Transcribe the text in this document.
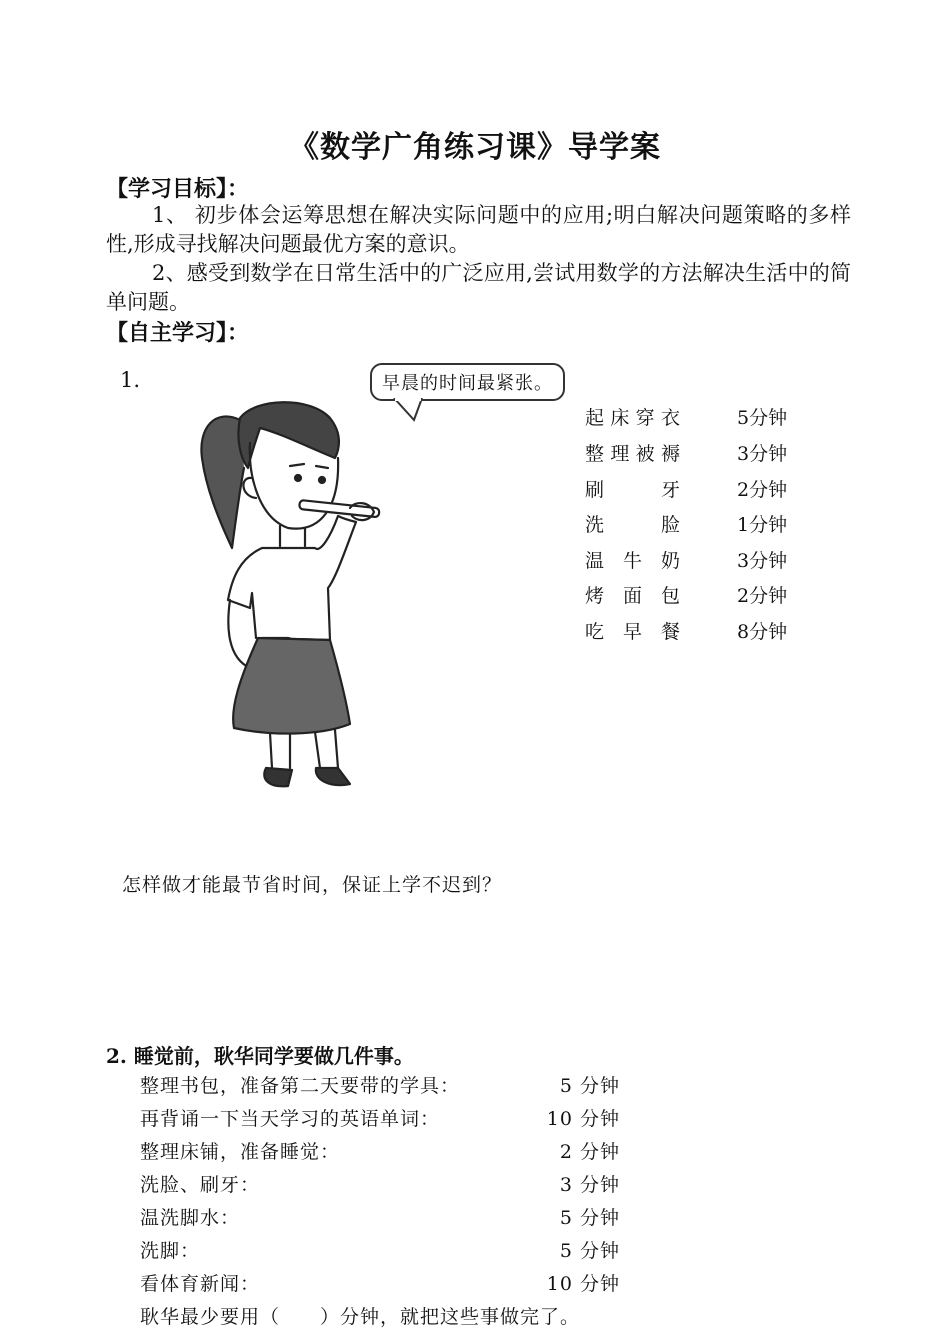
《数学广角练习课》导学案
【学习目标】：
1、 初步体会运筹思想在解决实际问题中的应用;明白解决问题策略的多样性,形成寻找解决问题最优方案的意识。
2、感受到数学在日常生活中的广泛应用,尝试用数学的方法解决生活中的简单问题。
【自主学习】：
1.	早晨的时间最紧张。
起床穿衣	5分钟
整理被褥	3分钟
刷牙	2分钟
洗脸	1分钟
温牛奶	3分钟
烤面包	2分钟
吃早餐	8分钟
怎样做才能最节省时间，保证上学不迟到？
2. 睡觉前，耿华同学要做几件事。
整理书包，准备第二天要带的学具：	5 分钟
再背诵一下当天学习的英语单词：	10 分钟
整理床铺，准备睡觉：	2 分钟
洗脸、刷牙：	3 分钟
温洗脚水：	5 分钟
洗脚：	5 分钟
看体育新闻：	10 分钟
耿华最少要用（　　）分钟，就把这些事做完了。
